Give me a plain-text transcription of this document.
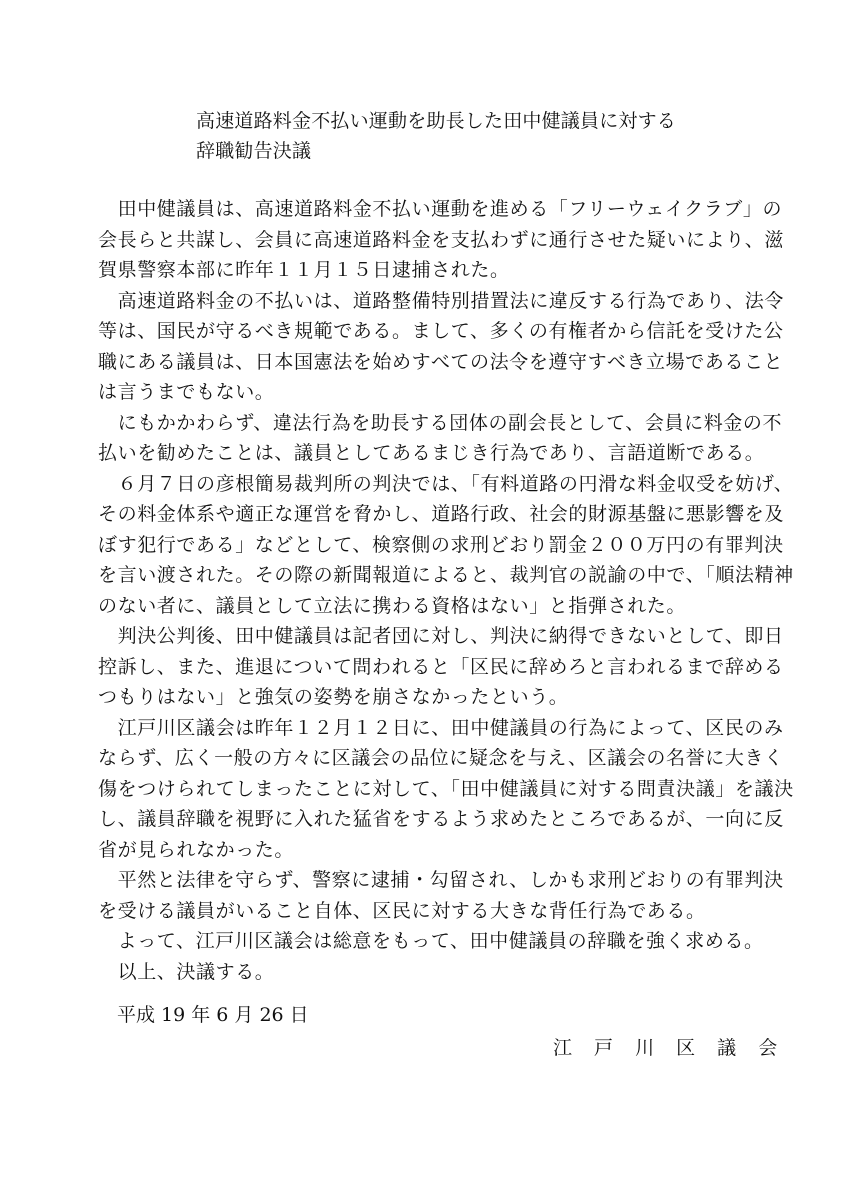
高速道路料金不払い運動を助長した田中健議員に対する
辞職勧告決議
　田中健議員は、高速道路料金不払い運動を進める「フリーウェイクラブ」の
会長らと共謀し、会員に高速道路料金を支払わずに通行させた疑いにより、滋
賀県警察本部に昨年１１月１５日逮捕された。
　高速道路料金の不払いは、道路整備特別措置法に違反する行為であり、法令
等は、国民が守るべき規範である。まして、多くの有権者から信託を受けた公
職にある議員は、日本国憲法を始めすべての法令を遵守すべき立場であること
は言うまでもない。
　にもかかわらず、違法行為を助長する団体の副会長として、会員に料金の不
払いを勧めたことは、議員としてあるまじき行為であり、言語道断である。
　６月７日の彦根簡易裁判所の判決では、「有料道路の円滑な料金収受を妨げ、
その料金体系や適正な運営を脅かし、道路行政、社会的財源基盤に悪影響を及
ぼす犯行である」などとして、検察側の求刑どおり罰金２００万円の有罪判決
を言い渡された。その際の新聞報道によると、裁判官の説諭の中で、「順法精神
のない者に、議員として立法に携わる資格はない」と指弾された。
　判決公判後、田中健議員は記者団に対し、判決に納得できないとして、即日
控訴し、また、進退について問われると「区民に辞めろと言われるまで辞める
つもりはない」と強気の姿勢を崩さなかったという。
　江戸川区議会は昨年１２月１２日に、田中健議員の行為によって、区民のみ
ならず、広く一般の方々に区議会の品位に疑念を与え、区議会の名誉に大きく
傷をつけられてしまったことに対して、「田中健議員に対する問責決議」を議決
し、議員辞職を視野に入れた猛省をするよう求めたところであるが、一向に反
省が見られなかった。
　平然と法律を守らず、警察に逮捕・勾留され、しかも求刑どおりの有罪判決
を受ける議員がいること自体、区民に対する大きな背任行為である。
　よって、江戸川区議会は総意をもって、田中健議員の辞職を強く求める。
　以上、決議する。
平成 19 年 6 月 26 日
江 戸 川 区 議 会
